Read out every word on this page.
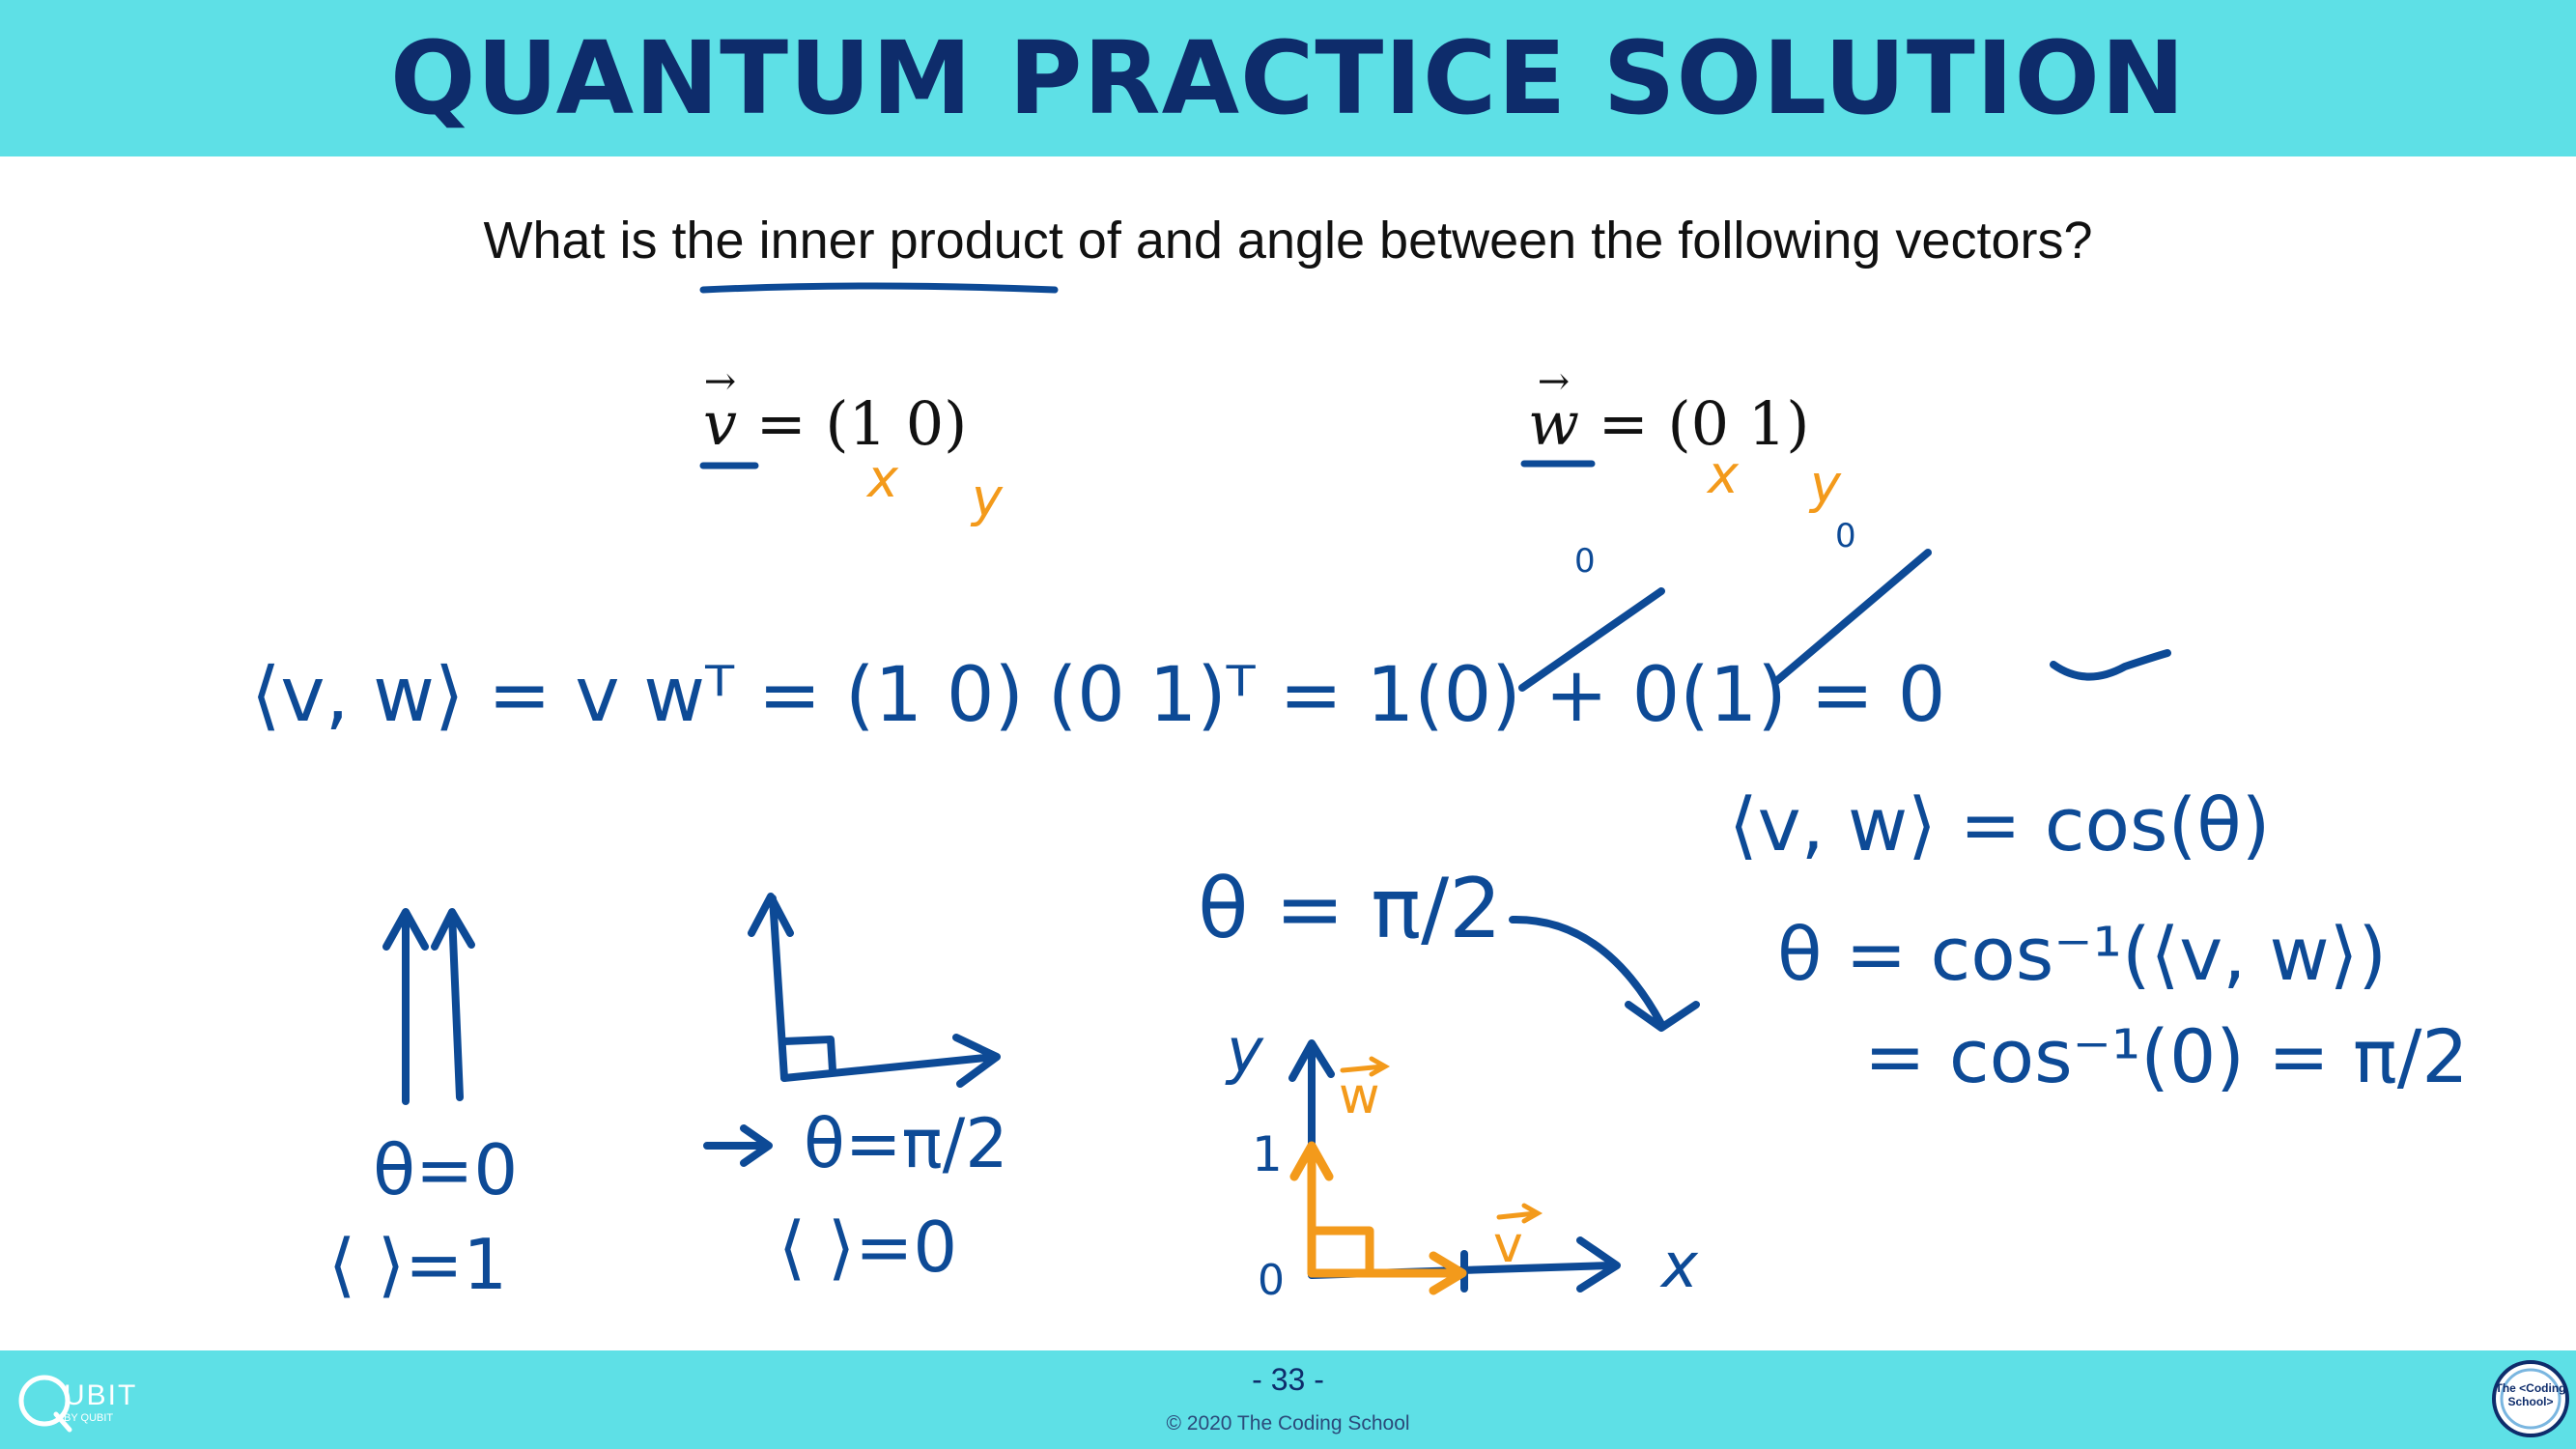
QUANTUM PRACTICE SOLUTION
What is the inner product of and angle between the following vectors?
→ v = (1 0)
→	w = (0 1)
x y	x y
0
0
⟨v, w⟩ = v wᵀ = (1 0) (0 1)ᵀ = 1(0) + 0(1) = 0
⟨v, w⟩ = cos(θ)
θ = cos⁻¹(⟨v, w⟩)
= cos⁻¹(0) = π/2
θ = π/2
θ=0
⟨ ⟩=1
θ=π/2
⟨ ⟩=0
y
x
1
0
w
v
- 33 -
© 2020 The Coding School
UBIT
BY QUBIT
The <Coding School>
